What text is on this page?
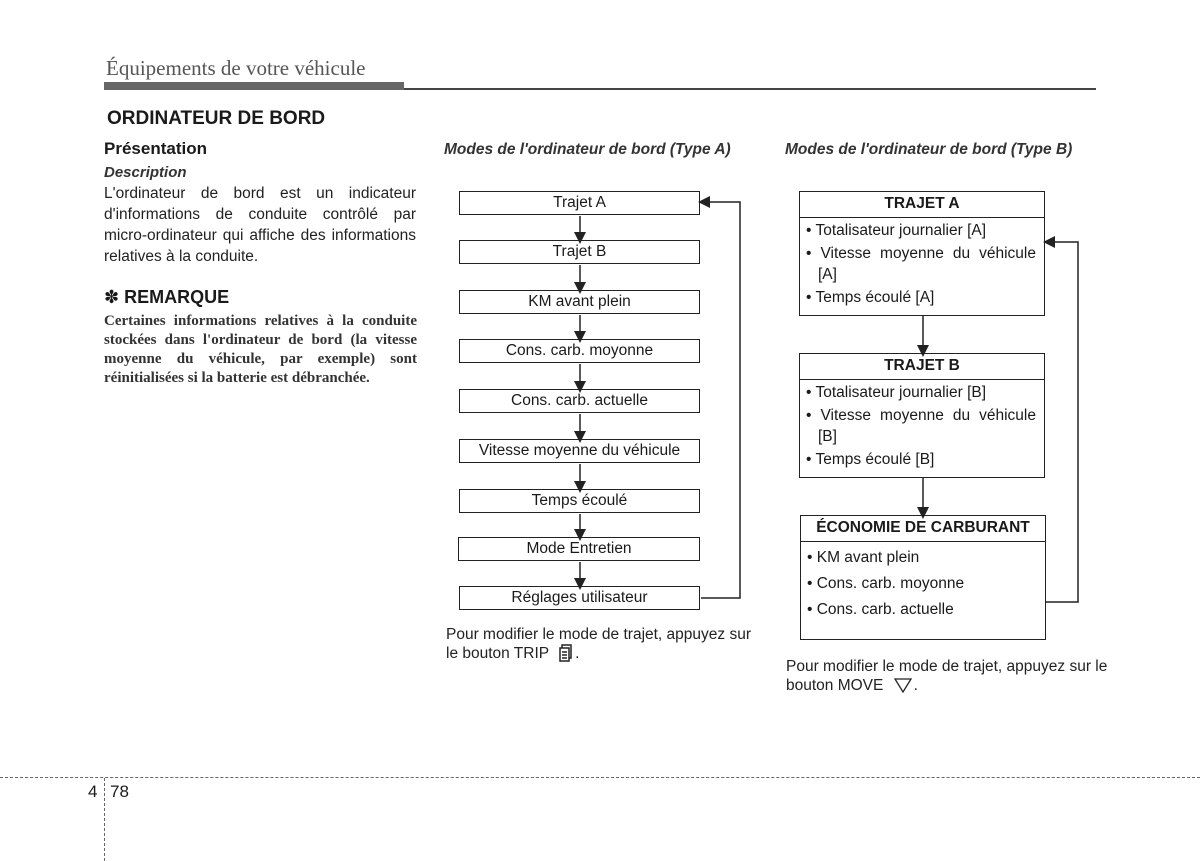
Équipements de votre véhicule
ORDINATEUR DE BORD
Présentation
Description
L'ordinateur de bord est un indicateur d'informations de conduite contrôlé par micro-ordinateur qui affiche des informations relatives à la conduite.
✽ REMARQUE
Certaines informations relatives à la conduite stockées dans l'ordinateur de bord (la vitesse moyenne du véhicule, par exemple) sont réinitialisées si la batterie est débranchée.
Modes de l'ordinateur de bord (Type A)	Modes de l'ordinateur de bord (Type B)
Trajet A
Trajet B
KM avant plein
Cons. carb. moyonne
Cons. carb. actuelle
Vitesse moyenne du véhicule
Temps écoulé
Mode Entretien
Réglages utilisateur
TRAJET A
• Totalisateur journalier [A]
• Vitesse moyenne du véhicule [A]
• Temps écoulé [A]
TRAJET B
• Totalisateur journalier [B]
• Vitesse moyenne du véhicule [B]
• Temps écoulé [B]
ÉCONOMIE DE CARBURANT
• KM avant plein
• Cons. carb. moyonne
• Cons. carb. actuelle
Pour modifier le mode de trajet, appuyez sur le bouton TRIP .
Pour modifier le mode de trajet, appuyez sur le bouton MOVE .
4 78
